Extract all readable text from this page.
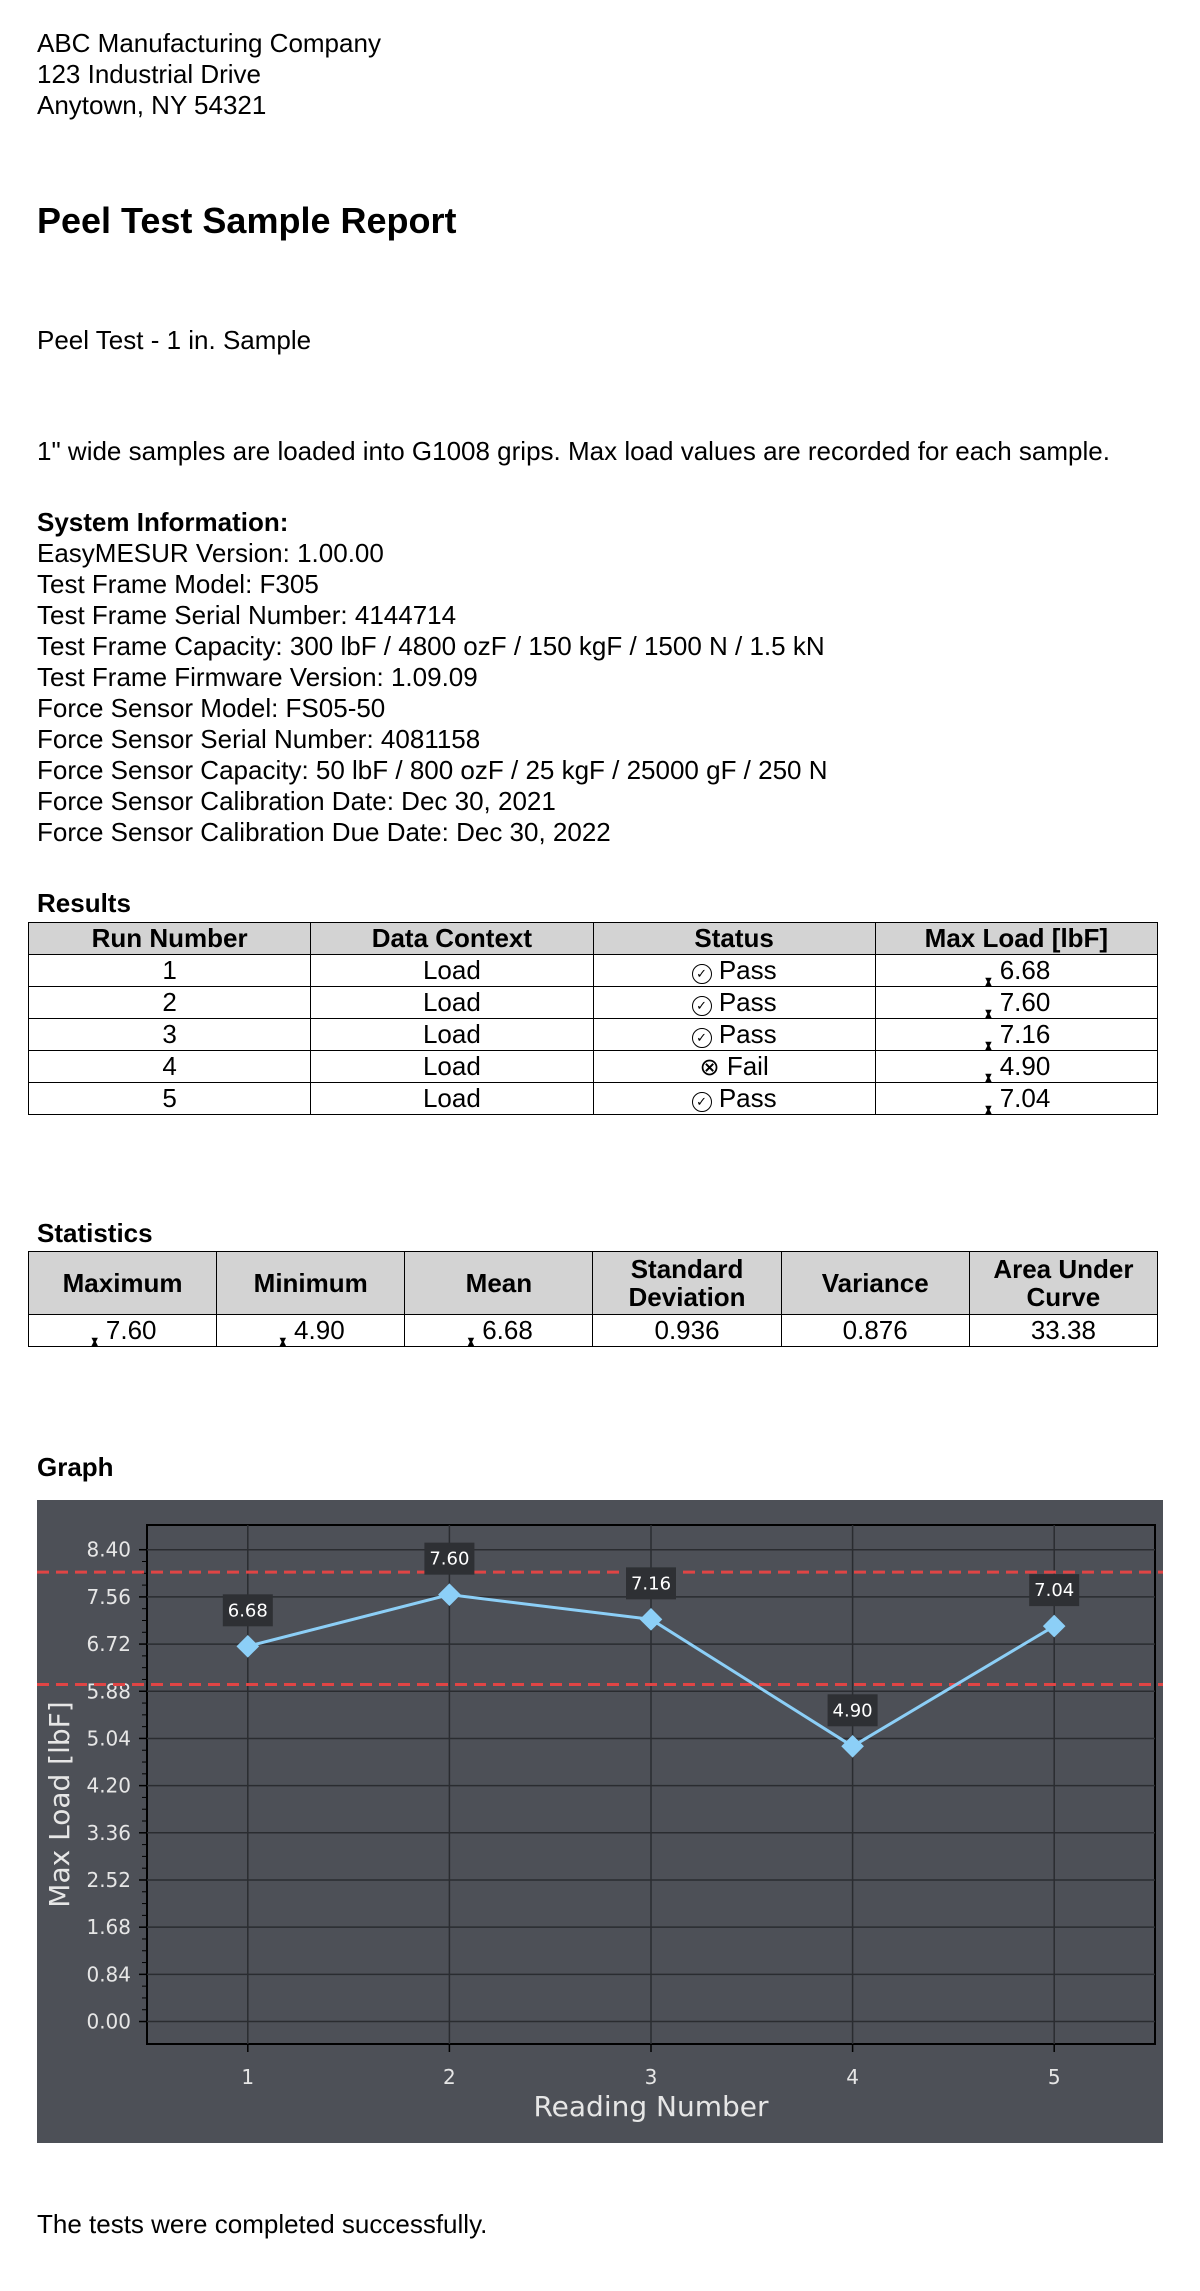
ABC Manufacturing Company
123 Industrial Drive
Anytown, NY 54321
Peel Test Sample Report
Peel Test - 1 in. Sample
1" wide samples are loaded into G1008 grips. Max load values are recorded for each sample.
System Information:
EasyMESUR Version: 1.00.00
Test Frame Model: F305
Test Frame Serial Number: 4144714
Test Frame Capacity: 300 lbF / 4800 ozF / 150 kgF / 1500 N / 1.5 kN
Test Frame Firmware Version: 1.09.09
Force Sensor Model: FS05-50
Force Sensor Serial Number: 4081158
Force Sensor Capacity: 50 lbF / 800 ozF / 25 kgF / 25000 gF / 250 N
Force Sensor Calibration Date: Dec 30, 2021
Force Sensor Calibration Due Date: Dec 30, 2022
Results
Run Number	Data Context	Status	Max Load [lbF]
1	Load	✓ Pass	6.68
2	Load	✓ Pass	7.60
3	Load	✓ Pass	7.16
4	Load	⊗ Fail	4.90
5	Load	✓ Pass	7.04
Statistics
Maximum	Minimum	Mean	Standard Deviation	Variance	Area Under Curve
7.60	4.90	6.68	0.936	0.876	33.38
Graph
0.00
0.84
1.68
2.52
3.36
4.20
5.04
5.88
6.72
7.56
8.40
1	2	3	4	5
6.68
7.60
7.16
4.90
7.04
Reading Number
Max Load [lbF]
The tests were completed successfully.
